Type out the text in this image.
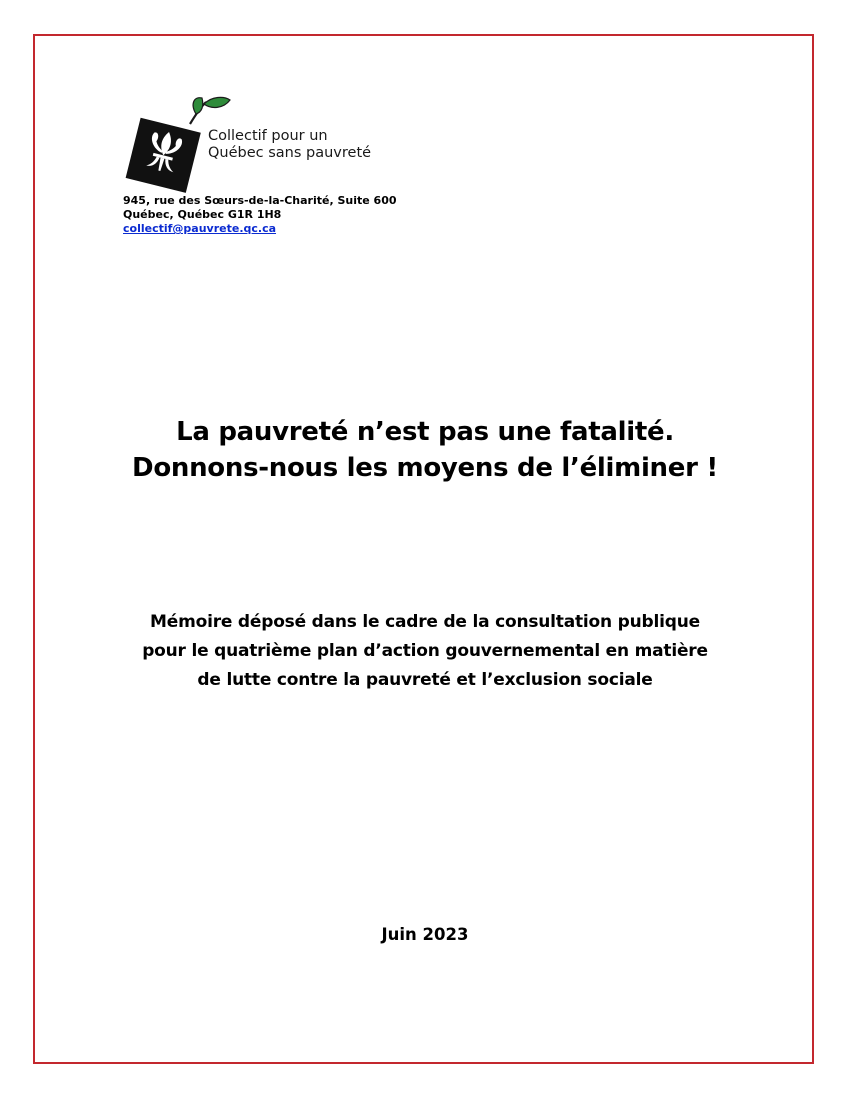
Collectif pour un
Québec sans pauvreté
945, rue des Sœurs-de-la-Charité, Suite 600
Québec, Québec G1R 1H8
collectif@pauvrete.qc.ca
La pauvreté n’est pas une fatalité.
Donnons-nous les moyens de l’éliminer !
Mémoire déposé dans le cadre de la consultation publique
pour le quatrième plan d’action gouvernemental en matière
de lutte contre la pauvreté et l’exclusion sociale
Juin 2023
